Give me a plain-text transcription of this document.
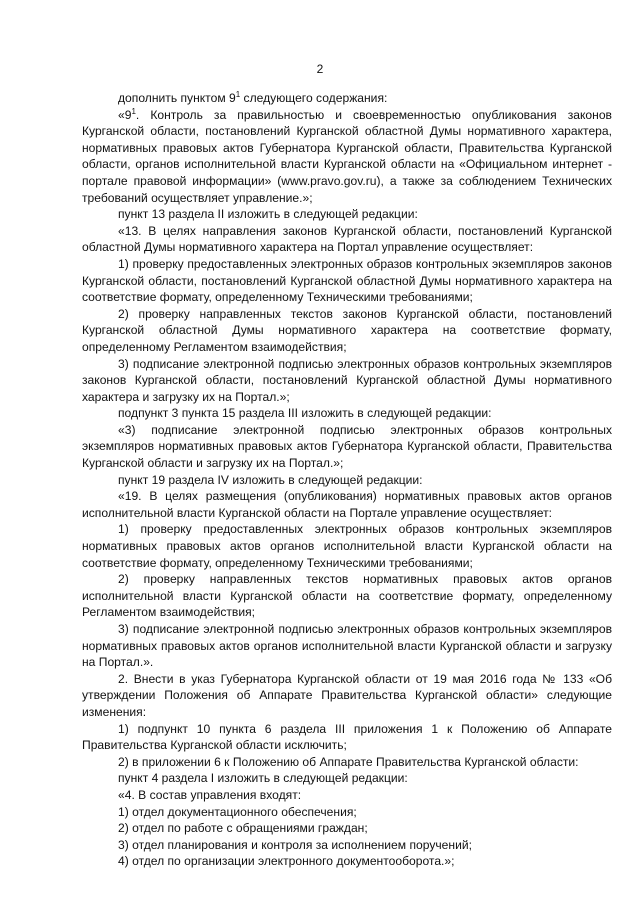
2

дополнить пунктом $9^1$ следующего содержания:

«$9^1$. Контроль за правильностью и своевременностью опубликования законов Курганской области, постановлений Курганской областной Думы нормативного характера, нормативных правовых актов Губернатора Курганской области, Правительства Курганской области, органов исполнительной власти Курганской области на «Официальном интернет - портале правовой информации» (www.pravo.gov.ru), а также за соблюдением Технических требований осуществляет управление.»;

пункт 13 раздела II изложить в следующей редакции:

«13. В целях направления законов Курганской области, постановлений Курганской областной Думы нормативного характера на Портал управление осуществляет:

1) проверку предоставленных электронных образов контрольных экземпляров законов Курганской области, постановлений Курганской областной Думы нормативного характера на соответствие формату, определенному Техническими требованиями;

2) проверку направленных текстов законов Курганской области, постановлений Курганской областной Думы нормативного характера на соответствие формату, определенному Регламентом взаимодействия;

3) подписание электронной подписью электронных образов контрольных экземпляров законов Курганской области, постановлений Курганской областной Думы нормативного характера и загрузку их на Портал.»;

подпункт 3 пункта 15 раздела III изложить в следующей редакции:

«3) подписание электронной подписью электронных образов контрольных экземпляров нормативных правовых актов Губернатора Курганской области, Правительства Курганской области и загрузку их на Портал.»;

пункт 19 раздела IV изложить в следующей редакции:

«19. В целях размещения (опубликования) нормативных правовых актов органов исполнительной власти Курганской области на Портале управление осуществляет:

1) проверку предоставленных электронных образов контрольных экземпляров нормативных правовых актов органов исполнительной власти Курганской области на соответствие формату, определенному Техническими требованиями;

2) проверку направленных текстов нормативных правовых актов органов исполнительной власти Курганской области на соответствие формату, определенному Регламентом взаимодействия;

3) подписание электронной подписью электронных образов контрольных экземпляров нормативных правовых актов органов исполнительной власти Курганской области и загрузку на Портал.».

2. Внести в указ Губернатора Курганской области от 19 мая 2016 года № 133 «Об утверждении Положения об Аппарате Правительства Курганской области» следующие изменения:

1) подпункт 10 пункта 6 раздела III приложения 1 к Положению об Аппарате Правительства Курганской области исключить;

2) в приложении 6 к Положению об Аппарате Правительства Курганской области:

пункт 4 раздела I изложить в следующей редакции:

«4. В состав управления входят:

1) отдел документационного обеспечения;

2) отдел по работе с обращениями граждан;

3) отдел планирования и контроля за исполнением поручений;

4) отдел по организации электронного документооборота.»;
